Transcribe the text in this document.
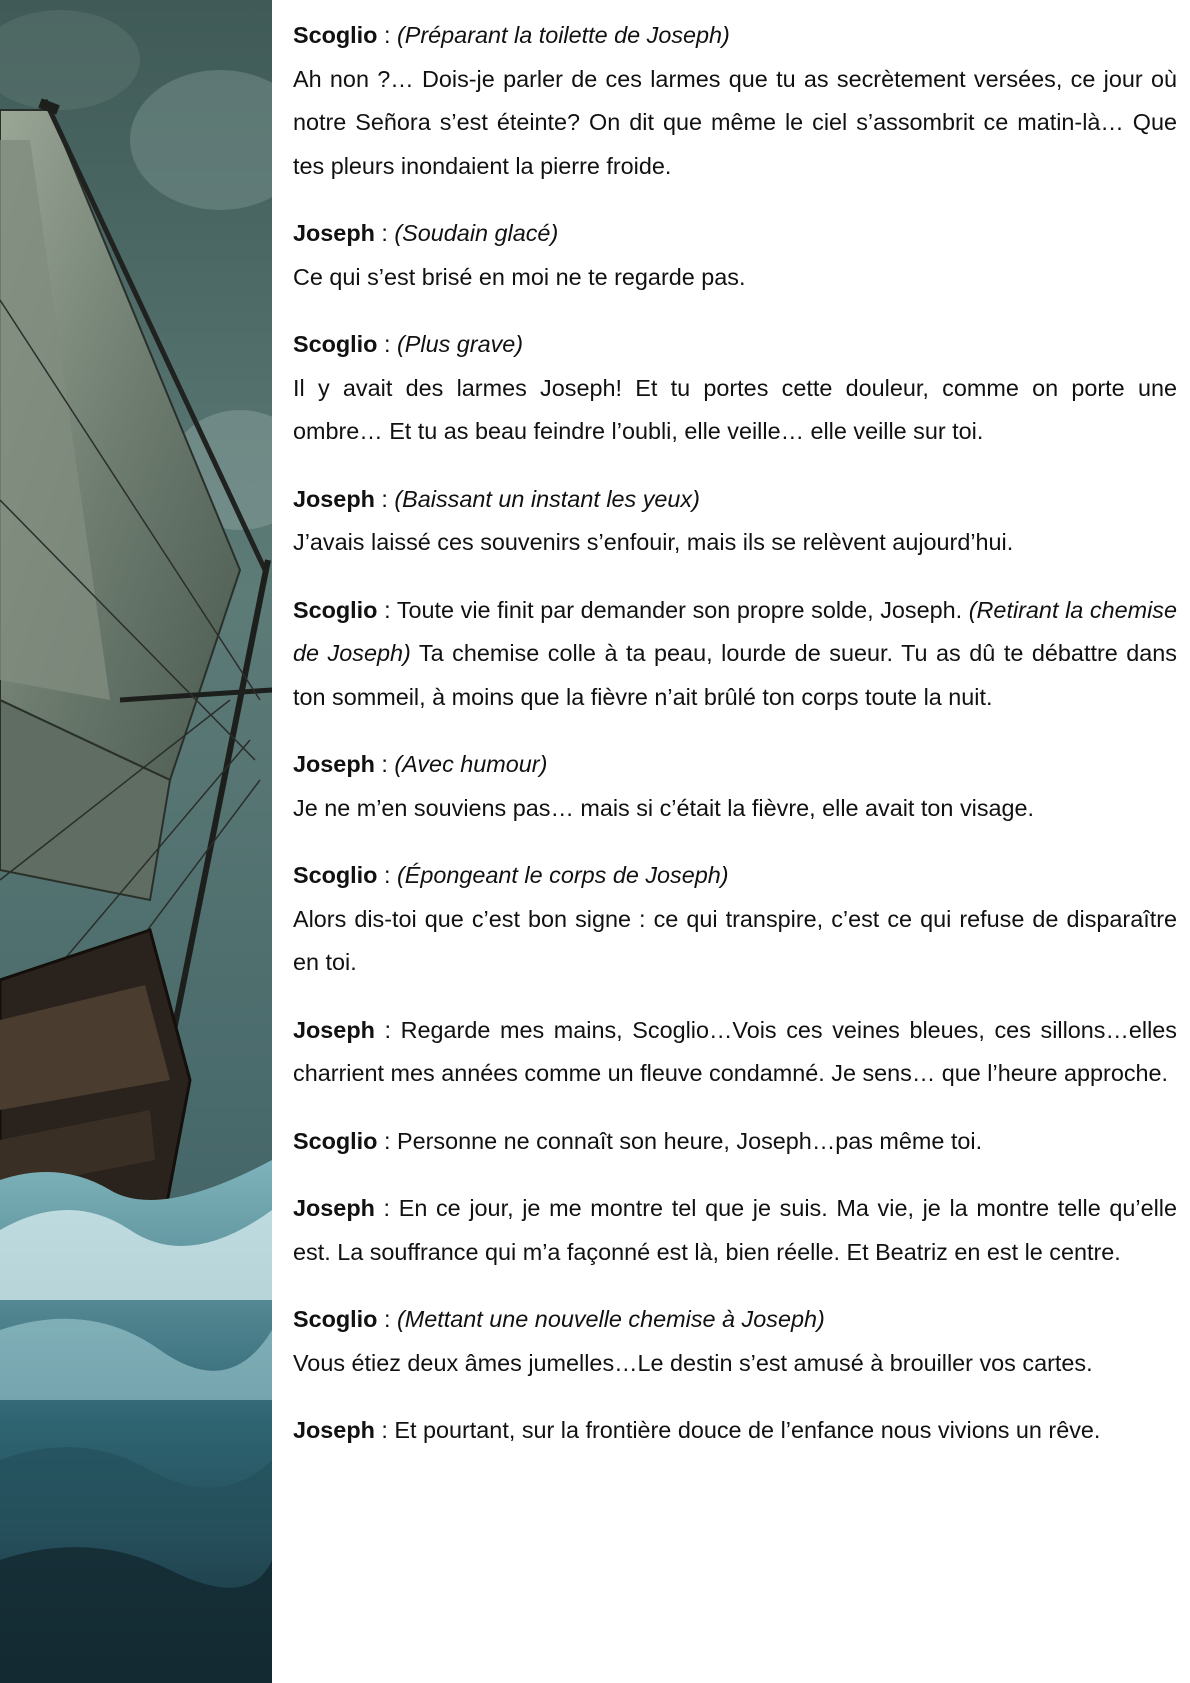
Scoglio : (Préparant la toilette de Joseph)
Ah non ?… Dois-je parler de ces larmes que tu as secrètement versées, ce jour où notre Señora s’est éteinte? On dit que même le ciel s’assombrit ce matin-là… Que tes pleurs inondaient la pierre froide.

Joseph : (Soudain glacé)
Ce qui s’est brisé en moi ne te regarde pas.

Scoglio : (Plus grave)
Il y avait des larmes Joseph! Et tu portes cette douleur, comme on porte une ombre… Et tu as beau feindre l’oubli, elle veille… elle veille sur toi.

Joseph : (Baissant un instant les yeux)
J’avais laissé ces souvenirs s’enfouir, mais ils se relèvent aujourd’hui.

Scoglio : Toute vie finit par demander son propre solde, Joseph. (Retirant la chemise de Joseph) Ta chemise colle à ta peau, lourde de sueur. Tu as dû te débattre dans ton sommeil, à moins que la fièvre n’ait brûlé ton corps toute la nuit.

Joseph : (Avec humour)
Je ne m’en souviens pas… mais si c’était la fièvre, elle avait ton visage.

Scoglio : (Épongeant le corps de Joseph)
Alors dis-toi que c’est bon signe : ce qui transpire, c’est ce qui refuse de disparaître en toi.

Joseph : Regarde mes mains, Scoglio…Vois ces veines bleues, ces sillons…elles charrient mes années comme un fleuve condamné. Je sens… que l’heure approche.

Scoglio : Personne ne connaît son heure, Joseph…pas même toi.

Joseph : En ce jour, je me montre tel que je suis. Ma vie, je la montre telle qu’elle est. La souffrance qui m’a façonné est là, bien réelle. Et Beatriz en est le centre.

Scoglio : (Mettant une nouvelle chemise à Joseph)
Vous étiez deux âmes jumelles…Le destin s’est amusé à brouiller vos cartes.

Joseph : Et pourtant, sur la frontière douce de l’enfance nous vivions un rêve.
